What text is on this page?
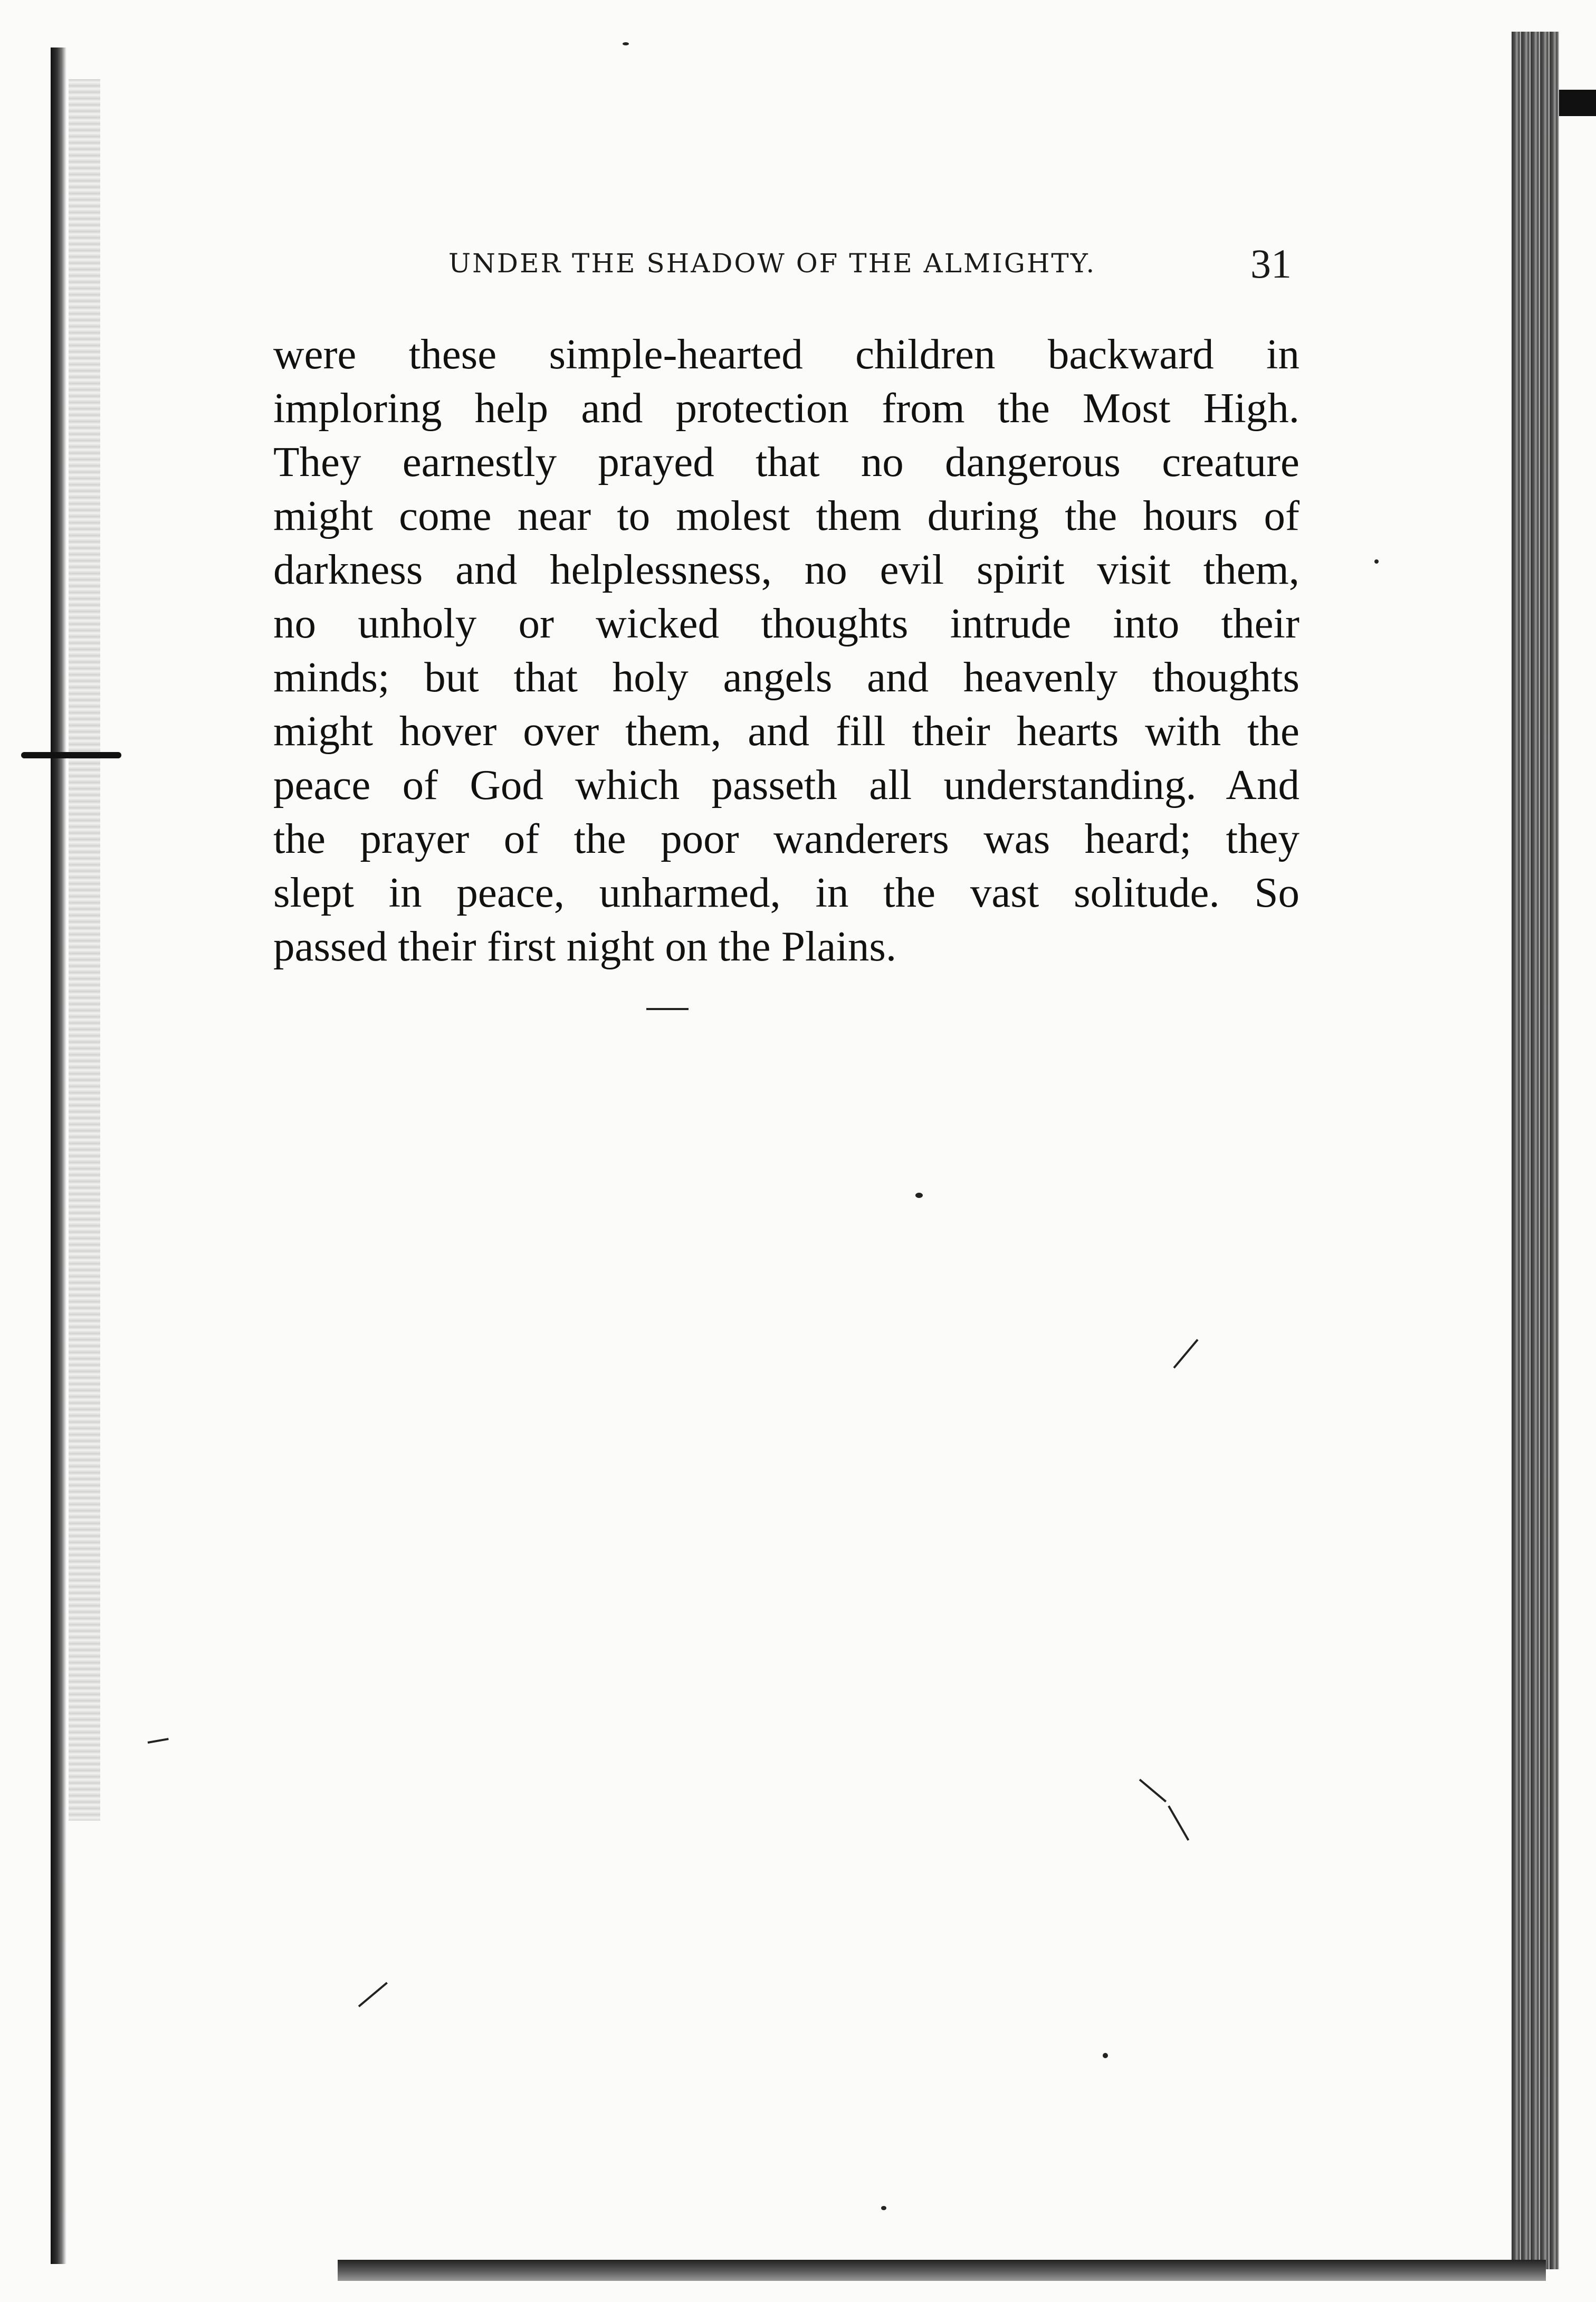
UNDER THE SHADOW OF THE ALMIGHTY.	31
were these simple-hearted children backward in
imploring help and protection from the Most High.
They earnestly prayed that no dangerous creature
might come near to molest them during the hours of
darkness and helplessness, no evil spirit visit them,
no unholy or wicked thoughts intrude into their
minds; but that holy angels and heavenly thoughts
might hover over them, and fill their hearts with the
peace of God which passeth all understanding. And
the prayer of the poor wanderers was heard; they
slept in peace, unharmed, in the vast solitude. So
passed their first night on the Plains.
